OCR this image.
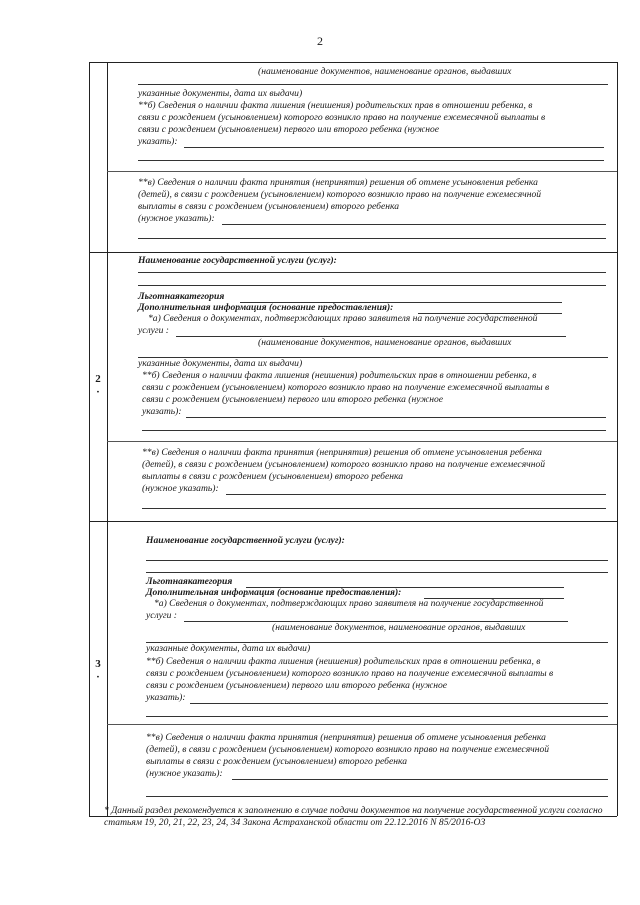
2
(наименование документов, наименование органов, выдавших
указанные документы, дата их выдачи)
**б) Сведения о наличии факта лишения (неишения) родительских прав в отношении ребенка, в
связи с рождением (усыновлением) которого возникло право на получение ежемесячной выплаты в
связи с рождением (усыновлением) первого или второго ребенка (нужное
указать):
**в) Сведения о наличии факта принятия (непринятия) решения об отмене усыновления ребенка
(детей), в связи с рождением (усыновлением) которого возникло право на получение ежемесячной
выплаты в связи с рождением (усыновлением) второго ребенка
(нужное указать):
2
·
Наименование государственной услуги (услуг):
Льготнаякатегория
Дополнительная информация (основание предоставления):
*а) Сведения о документах, подтверждающих право заявителя на получение государственной
услуги :
(наименование документов, наименование органов, выдавших
указанные документы, дата их выдачи)
**б) Сведения о наличии факта лишения (неишения) родительских прав в отношении ребенка, в
связи с рождением (усыновлением) которого возникло право на получение ежемесячной выплаты в
связи с рождением (усыновлением) первого или второго ребенка (нужное
указать):
**в) Сведения о наличии факта принятия (непринятия) решения об отмене усыновления ребенка
(детей), в связи с рождением (усыновлением) которого возникло право на получение ежемесячной
выплаты в связи с рождением (усыновлением) второго ребенка
(нужное указать):
3
·
Наименование государственной услуги (услуг):
Льготнаякатегория
Дополнительная информация (основание предоставления):
*а) Сведения о документах, подтверждающих право заявителя на получение государственной
услуги :
(наименование документов, наименование органов, выдавших
указанные документы, дата их выдачи)
**б) Сведения о наличии факта лишения (неишения) родительских прав в отношении ребенка, в
связи с рождением (усыновлением) которого возникло право на получение ежемесячной выплаты в
связи с рождением (усыновлением) первого или второго ребенка (нужное
указать):
**в) Сведения о наличии факта принятия (непринятия) решения об отмене усыновления ребенка
(детей), в связи с рождением (усыновлением) которого возникло право на получение ежемесячной
выплаты в связи с рождением (усыновлением) второго ребенка
(нужное указать):
* Данный раздел рекомендуется к заполнению в случае подачи документов на получение государственной услуги согласно статьям 19, 20, 21, 22, 23, 24, 34 Закона Астраханской области от 22.12.2016 N 85/2016-ОЗ
